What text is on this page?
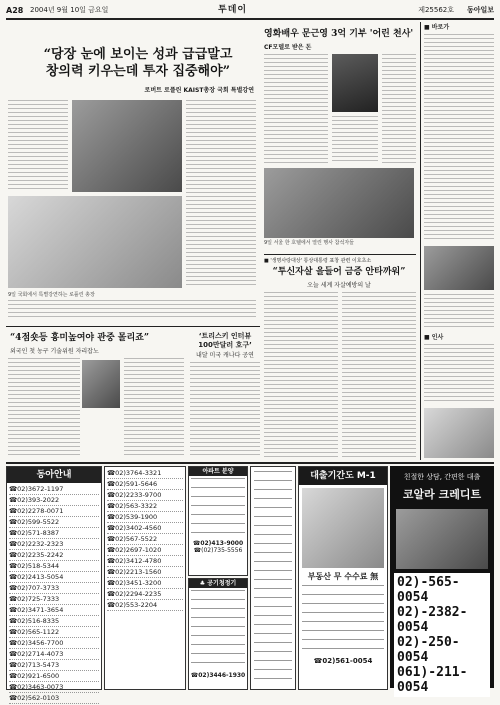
A28 2004년 9월 10일 금요일	투데이	제25562호 동아일보
“당장 눈에 보이는 성과 급급말고
창의력 키우는데 투자 집중해야”
로버트 로플린 KAIST총장 국회 특별강연
9일 국회에서 특별강연하는 로플린 총장
“4점숏등 흥미높여야 관중 몰리죠”
외국인 첫 농구 기술위원 자리잡노
‘트리스키 인터뷰
100만달러 호구’
내달 미국 캐나다 공연
영화배우 문근영 3억 기부 '어린 천사'
CF모델로 받은 돈
9일 서울 한 호텔에서 열린 행사 참석자들
■ '생명사랑대상' 통상대통령 표창 관련 이호초소
“투신자살 을들어 금증 안타까워”
오늘 세계 자살예방의 날
■ 바로가
■ 인사
동아안내
☎02)3672-1197
☎02)393-2022
☎02)2278-0071
☎02)599-5522
☎02)571-8387
☎02)2232-2323
☎02)2235-2242
☎02)518-5344
☎02)2413-5054
☎02)707-3733
☎02)725-7333
☎02)3471-3654
☎02)516-8335
☎02)565-1122
☎02)3456-7700
☎02)2714-4073
☎02)713-5473
☎02)921-6500
☎02)3463-0073
☎02)562-0103
☎02)3764-3321
☎02)591-5646
☎02)2233-9700
☎02)563-3322
☎02)539-1900
☎02)3402-4560
☎02)567-5522
☎02)2697-1020
☎02)3412-4780
☎02)2213-1560
☎02)3451-3200
☎02)2294-2235
☎02)553-2204
아파트 분양
☎02)413-9000
☎(02)735-5556
♣ 공기청정기
☎02)3446-1930
대출기간도 M-1
부동산 무 수수료 無
☎02)561-0054
친절한 상담, 간편한 대출
코알라 크레디트
02)-565-0054
02)-2382-0054
02)-250-0054
061)-211-0054
